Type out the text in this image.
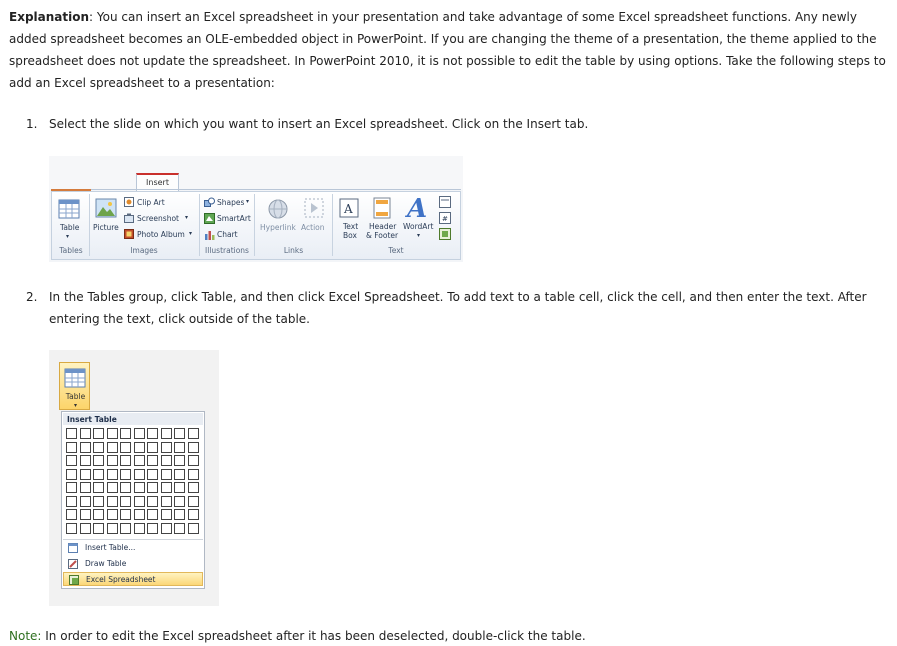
Explanation: You can insert an Excel spreadsheet in your presentation and take advantage of some Excel spreadsheet functions. Any newly added spreadsheet becomes an OLE-embedded object in PowerPoint. If you are changing the theme of a presentation, the theme applied to the spreadsheet does not update the spreadsheet. In PowerPoint 2010, it is not possible to edit the table by using options. Take the following steps to add an Excel spreadsheet to a presentation:

1. Select the slide on which you want to insert an Excel spreadsheet. Click on the Insert tab.
Insert
Table
▾
Picture
Clip Art
Screenshot ▾
Photo Album ▾
Shapes ▾
SmartArt
Chart
Hyperlink Action
A
Text
Box
Header
& Footer
A
WordArt
▾
#
Tables	Images	Illustrations	Links	Text
2. In the Tables group, click Table, and then click Excel Spreadsheet. To add text to a table cell, click the cell, and then enter the text. After entering the text, click outside of the table.
Table
▾
Insert Table
Insert Table...
Draw Table
Excel Spreadsheet
Note: In order to edit the Excel spreadsheet after it has been deselected, double-click the table.
